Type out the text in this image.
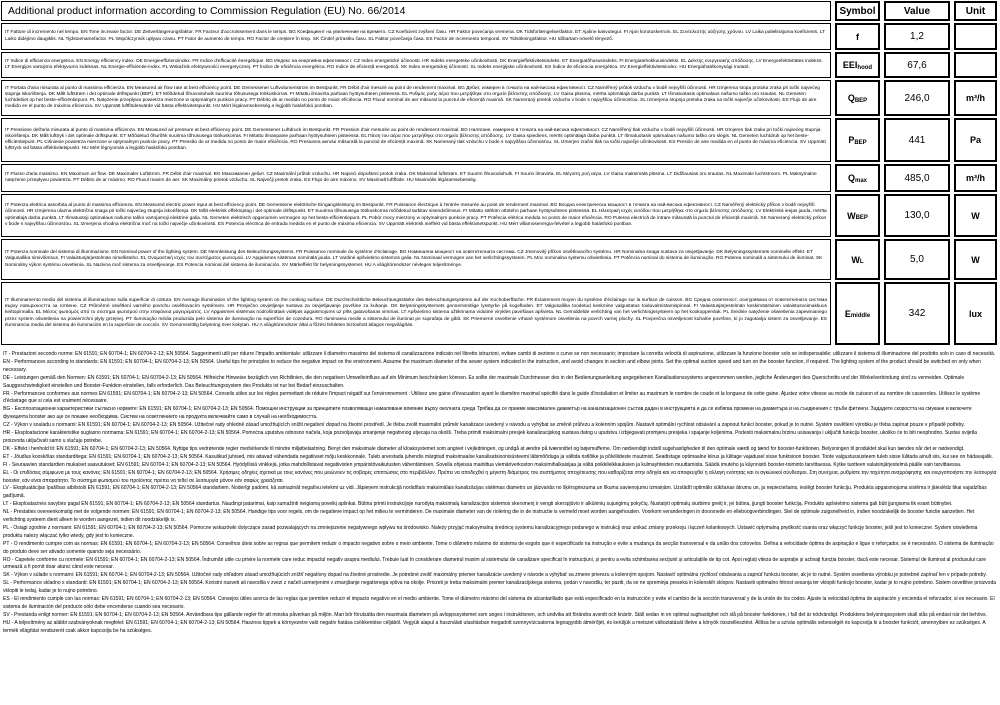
Additional product information according to Commission Regulation (EU) No. 66/2014	Symbol	Value	Unit

IT Fattore di incremento nel tempo. EN Time increase factor. DE Zeitverlängerungsfaktor. FR Facteur d'accroissement dans le temps. BG Коефициент на увеличение на времето. CZ Koeficient zvýšení času. HR Faktor povećanja vremena. DK Tidsforlængelsesfaktor. ET Ajaline kasvutegur. FI Ajan korotuskerroin. EL Συντελεστής αύξησης χρόνου. LV Laika palielinājuma koeficients. LT Laiko didėjimo daugiklis. NL Tijdstoenamefactor. PL Współczynnik upływu czasu. PT Fator de aumento de tempo. RO Factor de creștere în timp. SK Činiteľ prírastku času. SL Faktor povečanja časa. ES Factor de incremento temporal. SV Tidsökningsfaktor. HU Időtartam-növelő tényező.	f	1,2

IT Indice di efficienza energetica. EN Energy efficiency index. DE Energieeffizienzindex. FR Indice d'efficacité énergétique. BG Индекс на енергийна ефективност. CZ Index energetické účinnosti. HR Indeks energetske učinkovitosti. DK Energieffektivitetsindeks. ET Energiatõhususindeks. FI Energiatehokkuusindeksi. EL Δείκτης ενεργειακής απόδοσης. LV Energoefektivitātes indekss. LT Energijos vartojimo efektyvumo indeksas. NL Energie-efficiëntie-index. PL Wskaźnik efektywności energetycznej. PT Índice de eficiência energética. RO Indice de eficiență energetică. SK Index energetickej účinnosti. SL Indeks energijske učinkovitosti. ES Índice de eficiencia energética. SV Energieffektivitetsindex. HU Energiahatékonysági mutató.	EEI hood	67,6

IT Portata d'aria misurata al punto di massima efficienza. EN Measured air flow rate at best efficiency point. DE Gemessener Luftvolumenstrom im Bestpunkt. FR Débit d'air mesuré au point de rendement maximal. BG Дебит, измерен в точката на най-висока ефективност. CZ Naměřený průtok vzduchu v bodě nejvyšší účinnosti. HR Izmjerena stopa protoka zraka pri točki najvećeg stupnja iskorištenja. DK Målt luftstrøm i det optimale driftspunkt (BEP). ET Mõõdetud õhuvooluhulk suurima tõhususega töökuskorras. FI Mitattu ilmavirta parhaan hyötysuhteen pisteessä. EL Ρυθμός ροής αέρα που μετρήθηκε στο σημείο βέλτιστης απόδοσης. LV Gaisa plūsma, mērīta optimālajā darba punktā. LT Išmatuotasis optimalaus našumo taško oro srautas. NL Gemeten luchtdebiet op het beste-efficiëntiepunt. PL Natężenie przepływu powietrza mierzone w optymalnym punkcie pracy. PT Débito de ar medido no ponto de maior eficiência. RO Fluxul nominal de aer măsurat la punctul de eficiență maximă. SK Nameraný prietok vzduchu v bode s najvyššou účinnosťou. SL Izmerjena stopnja pretoka zraka na točki največje učinkovitosti. ES Flujo de aire medido en el punto de máxima eficiencia. SV Uppmätt luftflödesvärde vid bästa effektivitetspunkt. HU Mért légáramsebesség a legjobb hatásfokú pontban.

Q BEP	246,0	m³/h

IT Pressione dell'aria misurata al punto di massima efficienza. EN Measured air pressure at best efficiency point. DE Gemessener Luftdruck im Bestpunkt. FR Pression d'air mesurée au point de rendement maximal. BG Налягане, измерено в точката на най-висока ефективност. CZ Naměřený tlak vzduchu v bodě nejvyšší účinnosti. HR Izmjeren tlak zraka pri točki najvećeg stupnja iskorištenja. DK Målt lufttryk i det optimale driftspunkt. ET Mõõdetud õhurõhk suurima tõhususega töökuskorras. FI Mitattu ilmanpaine parhaan hyötysuhteen pisteessä. EL Πίεση του αέρα που μετρήθηκε στο σημείο βέλτιστης απόδοσης. LV Gaisa spiediens, mērīts optimālajā darba punktā. LT Išmatuotasis optimalaus našumo taško oro slėgis. NL Gemeten luchtdruk op het beste-efficiëntiepunt. PL Ciśnienie powietrza mierzone w optymalnym punkcie pracy. PT Pressão de ar medida no ponto de maior eficiência. RO Presiunea aerului măsurată la punctul de eficiență maximă. SK Nameraný tlak vzduchu v bode s najvyššou účinnosťou. SL Izmerjen zračni tlak na točki največje učinkovitosti. ES Presión de aire medida en el punto de máxima eficiencia. SV Uppmätt lufttryck vid bästa effektivitetspunkt. HU Mért légnyomás a legjobb hatásfokú pontban.

P BEP	441	Pa

IT Flusso d'aria massimo. EN Maximum air flow. DE Maximaler Luftstrom. FR Débit d'air maximal. BG Максимален дебит. CZ Maximální průtok vzduchu. HR Najveći dopušteni protok zraka. DK Maksimal luftstrøm. ET Suurim õhuvooluhulk. FI Suurin ilmavirta. EL Μέγιστη ροή αέρα. LV Gaisa maksimālā plūsma. LT Didžiausias oro srautas. NL Maximale luchtstroom. PL Maksymalne natężenie przepływu powietrza. PT Débito de ar máximo. RO Fluxul maxim de aer. SK Maximálny prietok vzduchu. SL Največji pretok zraka. ES Flujo de aire máximo. SV Maximalt luftflöde. HU Maximális légáramsebesség.	Q max	485,0	m³/h

IT Potenza elettrica assorbita al punto di massima efficienza. EN Measured electric power input at best efficiency point. DE Gemessene elektrische Eingangsleistung im Bestpunkt. FR Puissance électrique à l'entrée mesurée au point de rendement maximal. BG Входна електрическа мощност в точката на най-висока ефективност. CZ Naměřený elektrický příkon v bodě nejvyšší účinnosti. HR Izmjerena ulazna električna snaga pri točki najvećeg stupnja iskorištenja. DK Målt elektrisk effektoptag i det optimale driftspunkt. ET Suurima tõhususega töökuskorras mõõdetud tarbitav sisendvõimsus. FI Mitattu sähkön ottoteho parhaan hyötysuhteen pisteessä. EL Ηλεκτρική ισχύς εισόδου που μετρήθηκε στο σημείο βέλτιστης απόδοσης. LV Elektriskā ieejas jauda, mērīta optimālajā darba punktā. LT Išmatuotoji optimalaus našumo taško vartojamoji elektrinė galia. NL Gemeten elektrisch opgenomen vermogen op het beste-efficiëntiepunt. PL Pobór mocy mierzony w optymalnym punkcie pracy. PT Potência elétrica medida no ponto de maior eficiência. RO Puterea electrică de intrare măsurată la punctul de eficiență maximă. SK Nameraný elektrický príkon v bode s najvyššou účinnosťou. SL Izmerjena vhodna električna moč na točki največje učinkovitosti. ES Potencia eléctrica de entrada medida en el punto de máxima eficiencia. SV Uppmätt elektrisk ineffekt vid bästa effektivitetspunkt. HU Mért villamosenergia-felvétel a legjobb hatásfokú pontban.

W BEP	130,0	W

IT Potenza nominale del sistema di illuminazione. EN Nominal power of the lighting system. DE Nennleistung des Beleuchtungssystems. FR Puissance nominale du système d'éclairage. BG Номинална мощност на осветителната система. CZ Jmenovitý příkon osvětlovacího systému. HR Nominalna snaga sustava za osvjetljavanje. DK Belysningssystemets nominelle effekt. ET Valgusallika nimivõimsus. FI Valaistusjärjestelmän nimellisteho. EL Ονομαστική ισχύς του συστήματος φωτισμού. LV Apgaismes sistēmas nominālā jauda. LT Vardinė apšvietimo sistemos galia. NL Nominaal vermogen van het verlichtingssysteem. PL Moc nominalna systemu oświetlenia. PT Potência nominal do sistema de iluminação. RO Puterea nominală a sistemului de iluminat. SK Nominálny výkon systému osvetlenia. SL Nazivna moč sistema za osvetljevanje. ES Potencia nominal del sistema de iluminación. SV Märkeffekt för belysningssystemet. HU A világítórendszer névleges teljesítménye.

W L	5,0	W

IT Illuminamento medio del sistema di illuminazione sulla superficie di cottura. EN Average illumination of the lighting system on the cooking surface. DE Durchschnittliche Beleuchtungsstärke des Beleuchtungssystems auf der Kochoberfläche. FR Éclairement moyen du système d'éclairage sur la surface de cuisson. BG Средна осветеност, осигурявана от осветителната система върху повърхността за готвене. CZ Průměrné osvětlení varného povrchu osvětlovacím systémem. HR Prosječno osvjetljenje sustava za osvjetljavanje površine za kuhanje. DK Belysningssystemets gennemsnitlige lysstyrke på kogefladen. ET Valgusallika toodetud keskmine valgustatus toiduvalmistamispinnal. FI Valaistusjärjestelmän keskimääräinen valaistusvoimakkuus keittopinnalla. EL Μέσος φωτισμός από το σύστημα φωτισμού στην επιφάνεια μαγειρέματος. LV Apgaismes sistēmas nodrošinātais vidējais apgaismojums uz plīts gatavošanas virsmas. LT Apšvietimo sistema užtikrinama vidutinė viryklės paviršiaus apšvieta. NL Gemiddelde verlichting van het verlichtingssysteem op het kookoppervlak. PL Średnie natężenie oświetlenia zapewnianego przez system oświetlenia na powierzchni płyty grzejnej. PT Iluminação média produzida pelo sistema de iluminação na superfície de cozedura. RO Iluminarea medie a sistemului de iluminat pe suprafața de gătit. SK Priemerné osvetlenie vrhané systémom osvetlenia na povrch varnej plochy. SL Povprečna osvetljenost kuhalne površine, ki jo zagotavlja sistem za osvetljevanje. ES Iluminancia media del sistema de iluminación en la superficie de cocción. SV Genomsnittlig belysning över kokytan. HU A világítórendszer által a főzési felületen biztosított átlagos megvilágítás.

E middle	342	lux

IT - Prestazioni secondo norme: EN 61591; EN 60704-1; EN 60704-2-13; EN 50564. Suggerimenti utili per ridurre l'impatto ambientale: utilizzare il diametro massimo del sistema di canalizzazione indicato nel libretto istruzioni, evitare cambi di sezione o curve se non necessario; impostare la corretta velocità di aspirazione, utilizzare la funzione booster solo se indispensabile; utilizzare il sistema di illuminazione del prodotto solo in caso di necessità.

EN - Performances according to standards: EN 61591; EN 60704-1; EN 60704-2-13; EN 50564. Useful tips for principles to reduce the negative impact on the environment. Assume the maximum diameter of the sewer system indicated in the instruction, and avoid changes in section and elbow joints. Set the optimal suction speed and turn on the booster function, if required. The lighting system of the product should be switched on only when necessary.

DE - Leistungen gemäß den Normen: EN 61591; EN 60704-1; EN 60704-2-13; EN 50564. Hilfreiche Hinweise bezüglich von Richtlinien, die den negativen Umwelteinfluss auf ein Minimum beschränken können. Es sollte der maximale Durchmesser des in der Bedienungsanleitung angegebenen Kanalisationssystems angenommen werden, jegliche Änderungen des Querschnitts und der Winkelverbindung sind zu vermeiden. Optimale Sauggeschwindigkeit einstellen und Booster-Funktion einstellen, falls erforderlich. Das Beleuchtungssystem des Produkts ist nur bei Bedarf einzuschalten.

FR - Performances conformes aux normes EN 61591; EN 60704-1; EN 60704-2-13; EN 50564. Conseils utiles sur les règles permettant de réduire l'impact négatif sur l'environnement : Utilisez une gaine d'évacuation ayant le diamètre maximal spécifié dans le guide d'installation et limiter au maximum le nombre de coude et la longueur de cette gaine. Ajustez votre vitesse au mode de cuisson et au nombre de casseroles. Utilisez le système d'éclairage que si cela est vraiment nécessaire.

BG - Експлоатационни характеристики съгласно нормите: EN 61591; EN 60704-1; EN 60704-2-13; EN 50564. Помощни инструкции за принципите позволяващи намаляване влияние върху околната среда Трябва да се приеме максимален диаметър на канализационен състав даден в инструкцията и да се избягва промени на диаметъра и на съединения с тръби фитинги. Зададете скоростта на смукане и включете функцията booster ако ще се покаже необходима. Систем на осветлението на продукта включвайте само в случай на необходимостта.

CZ - Výkon v souladu s normami: EN 61591; EN 60704-1; EN 60704-2-13; EN 50564. Užitečné rady ohledně zásad umožňujících snížit negativní dopad na životní prostředí. Je třeba zvolit maximální průměr kanalizace uvedený v návodu a vyhýbat se změně průřezu a kolenním spojům. Nastavit optimální rychlost odsávání a zapnout funkci booster, pokud je to nutné. Systém osvětlení výrobku je třeba zapínat pouze v případě potřeby.

HR - Eksploatacione karakteristike suglasno normama: EN 61591; EN 60704-1; EN 60704-2-13; EN 50564. Pomoćna uputstva odnosno načela, koja pozvoljavaju smanjenje negativnog utjecaja na okoliš. Treba primiti maksimalni presjek kanalizacijskog sustava datog u uputstvu i izbjegavati promjenu presjeka i spajanje koljenima. Podesiti maksimalnu brzinu usisavanja i uključiti funkciju booster, ukoliko će to biti neophodno. Sustav svijetla proizvoda uključivati samo u slučaju potrebe.

DK - Effekt i henhold til: EN 61591; EN 60704-1; EN 60704-2-13; EN 50564. Nyttige tips vedrørende regler medvirkende til mindre miljøbelastning. Benyt den maksimale diameter af kloaksystemet som angivet i vejledningen, og undgå at ændre på tværsnittet og bøjemufferne. Om nødvendigt indstil sugehastigheden til den optimale værdi og tænd for booster-funktionen. Belysningen til produktet skal kun tændes når det er nødvendigt.

ET - Jõudlus kooskõlas standarditega: EN 61591; EN 60704-1; EN 60704-2-13; EN 50564. Kasulikud juhised, mis aitavad vähendada negatiivset mõju keskkonnale. Tuleb arvestada juhendis märgitud maksimaalse kanalisatsioonisüsteemi läbimõõduga ja vältida ristlõike ja põlviliideste muutmist. Seadistage optimaalne kiirus ja lülitage vajadusel sisse funktsioon booster. Toote valgustussüsteem tuleb sisse lülitada ainult siis, kui see on hädavajalik.

FI - Seuraavien standardien mukaiset saavutukset: EN 61591; EN 60704-1; EN 60704-2-13; EN 50564. Hyödyllisiä vinkkejä, jotka mahdollistavat negatiivisten ympäristövaikutusten vähentämisen. Sovella ohjeissa mainittua viemäriverkoston maksimihalkaisijaa ja vältä poikkileikkauksien ja kulmayhteiden muuttamista. Säädä imuteho ja käynnistö booster-toiminto tarvittaessa. Kytke tuotteen valaisinjärjestelmä päälle vain tarvittaessa.

EL - Οι επιδόσεις σύμφωνα με τους κανόνες: EN 61591; EN 60704-1; EN 60704-2-13; EN 50564. Χρήσιμες οδηγίες σχετικά με τους κανόνες που μειώνουν τις σοβαρές επιπτώσεις στο περιβάλλον. Πρέπει να αποδεχθεί η μέγιστη διάμετρος του συστήματος αποχέτευσης που καθορίζεται στην οδηγία και να αποφευχθεί η αλλαγή ενότητας και οι αγκώνικοί σύνδεσμοι. Στη συνέχεια, ρυθμίστε την ταχύτητα αναρρόφησης και ενεργοποιήστε την λειτουργία booster, εάν είναι απαραίτητο. Το σύστημα φωτισμού του προϊόντος πρέπει να τεθεί σε λειτουργία μόνον εάν σαφώς χρειάζεται.

LV - Ekspluatācijas īpašības atbilstoši EN 61591; EN 60704-1; EN 60704-2-13; EN 50564 standartiem. Noderīgi padomi, kā samazināt negatīvu ietekmi uz vidi. Jāpieņem instrukcijā norādītais maksimālais kanalizācijas sistēmas diametrs un jāizvairās no šķērsgriezuma un līkuma savienojumu izmaiņām. Uzstādīt optimālo sūkšanas ātrumu un, ja nepieciešams, ieslēgt booster funkciju. Produkta apgaismojuma sistēma ir jāieslēdz tikai vajadzības gadījumā.

LT - Eksploatacinės savybės pagal EN 61591; EN 60704-1; EN 60704-2-13; EN 50564 standartus. Naudingi patarimai, kaip sumažinti neigiamą poveikį aplinkai. Būtina primti instrukcijoje nurodytą maksimalų kanalizacijos sistemos skersmenį ir vengti skerspjūvio ir alkūninių sujungimų pokyčių. Nustatyti optimalų siurbimo greitį ir, jei būtina, įjungti booster funkciją. Produkto apšvietimo sistema gali būti įjungiama tik esant būtinybei.

NL - Prestaties overeenkomstig met de volgende normen: EN 61591; EN 60704-1; EN 60704-2-13; EN 50564. Handige tips voor regels, om de negatieve impact op het milieu te verminderen. De maximale diameter van de riolering die in de instructie is vermeld moet worden aangehouden. Voorkom veranderingen in doorsnede en elleboogverbindingen. Stel de optimale zuigsnelheid in, indien noodzakelijk de booster functie aanzetten. Het verlichting systeem dient alleen te worden aangezet, indien dit noodzakelijk is.

PL - Osiągi zgodnie z normami: EN 61591; EN 60704-1; EN 60704-2-13; EN 50564. Pomocne wskazówki dotyczące zasad pozwalających na zmniejszenie negatywnego wpływu na środowisko. Należy przyjąć maksymalną średnicę systemu kanalizacyjnego podanego w instrukcji oraz unikać zmiany przekroju i łączeń kolankowych. Ustawić optymalną prędkość ssania oraz włączyć funkcję booster, jeśli jest to konieczne. System oświetlenia produktu należy włączać tylko wtedy, gdy jest to konieczne.

PT - O rendimento cumpre com as normas: EN 61591; EN 60704-1; EN 60704-2-13; EN 50564. Conselhos úteis sobre as regras que permitem reduzir o impacto negativo sobre o meio ambiente. Tome o diâmetro máximo do sistema de esgoto que é especificado na instrução e evite a mudança da secção transversal e da união dos cotovelos. Defina a velocidade óptima de aspiração e ligue o reforçador, se é necessário. O sistema de iluminação do produto deve ser ativado somente quando seja necessário.

RO - Capetele conforme cu normele: EN 61591; EN 60704-1; EN 60704-2-13; EN 50564. Îndrumări utile cu privire la normele care reduc impactul negativ asupra mediului. Trebuie luat în considerare diametrul maxim al sistemului de canalizare specificat în instrucțiuni, și pentru a evita schimbarea secțiunii și articulațiile de tip cot. Apoi reglați viteza de aspirație și activați funcția booster, dacă este necesar. Sistemul de iluminat al produsului care urmează a fi pornit doar atunci când este necesar.

SK - Výkon v súlade s normami: EN 61591; EN 60704-1; EN 60704-2-13; EN 50564. Užitočné rady ohľadom zásad umožňujúcich znížiť negatívny dopad na životné prostredie. Je potrebné zvoliť maximálny priemer kanalizácie uvedený v návode a vyhýbať sa zmene prierezu a kolenným spojom. Nastaviť optimálnu rýchlosť odsávania a zapnúť funkciu booster, ak je to nutné. Systém osvetlenia výrobku je potrebné zapínať len v prípade potreby.

SL - Performance skladno s standardi: EN 61591; EN 60704-1; EN 60704-2-13; EN 50564. Koristni nasveti ali navodila v zvezi z načeli usmerjenimi v zmanjšanje negativnega vpliva na okolje. Privzeti je treba maksimalni premer kanalizacijskega sistema, podan v navodilu, ter paziti, da se ne spreminja preseka in kolenskih sklopov. Nastaviti optimalno hitrost sesanja ter vklopiti funkcijo booster, kadar je to nujno potrebno. Sistem osvetlitve proizvoda vklopiti le tedaj, kadar je to nujno potrebno.

ES - El rendimiento cumple con las normas: EN 61591; EN 60704-1; EN 60704-2-13; EN 50564. Consejos útiles acerca de las reglas que permiten reducir el impacto negativo en el medio ambiente. Tome el diámetro máximo del sistema de alcantarillado que está especificado en la instrucción y evite el cambio de la sección transversal y de la unión de los codos. Ajuste la velocidad óptima de aspiración y encienda el reforzador, si es necesario. El sistema de iluminación del producto sólo debe encenderse cuando sea necesario.

SV - Prestanda enligt normer: EN 61591; EN 60704-1; EN 60704-2-13; EN 50564. Användbara tips gällande regler för att minska påverkan på miljön. Man bör förutsätta den maximala diametern på avloppssystemet som anges i instruktionen, och undvika att förändra avsnitt och knärör. Ställ sedan in en optimal sughastighet och slå på booster funktionen, i fall det är nödvändigt. Produktens belysningssystem skall slås på endast när det behövs.

HU - A teljesítmény az alábbi szabványoknak megfelel: EN 61591; EN 60704-1; EN 60704-2-13; EN 50564. Hasznos tippek a környezetre való negatív hatása csökkentése céljából. Vegyük alapul a használati utasításban megadott szennyvízcsatorna legnagyobb átmérőjét, és kerüljük a metszet változtatását illetve a könyök összeillesztést. Állítsa be a szívás optimális sebességét és kapcsolja ki a booster funkciót, amennyiben ez szükséges. A termék világítási rendszerét csak akkor kapcsolja be ha szükséges.
